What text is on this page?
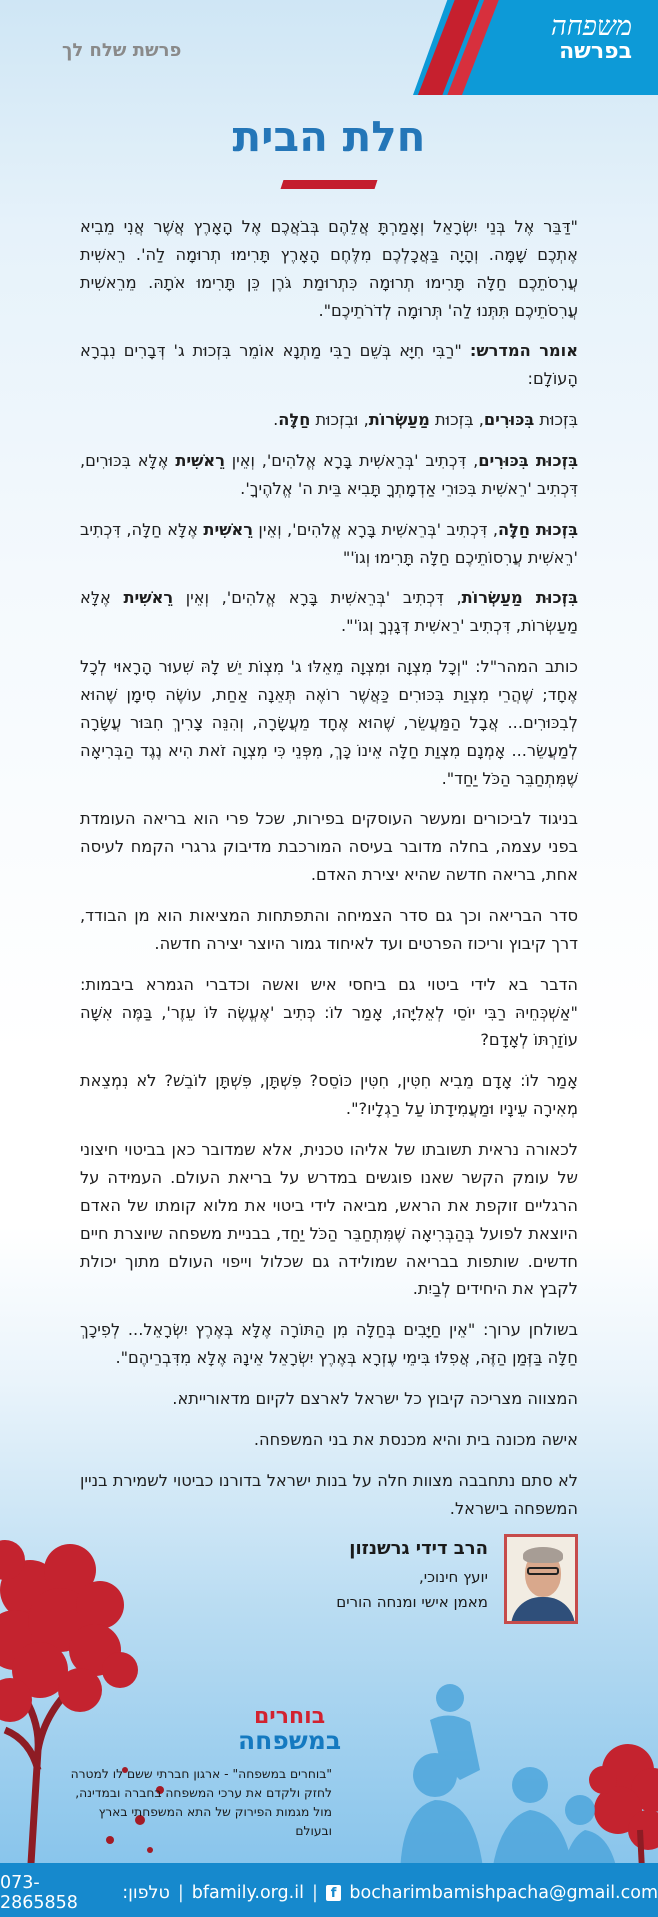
משפחה
בפרשה
פרשת שלח לך
חלת הבית

"דַּבֵּר אֶל בְּנֵי יִשְׂרָאֵל וְאָמַרְתָּ אֲלֵהֶם בְּבֹאֲכֶם אֶל הָאָרֶץ אֲשֶׁר אֲנִי מֵבִיא אֶתְכֶם שָׁמָּה. וְהָיָה בַּאֲכָלְכֶם מִלֶּחֶם הָאָרֶץ תָּרִימוּ תְרוּמָה לַה'. רֵאשִׁית עֲרִסֹתֵכֶם חַלָּה תָּרִימוּ תְרוּמָה כִּתְרוּמַת גֹּרֶן כֵּן תָּרִימוּ אֹתָהּ. מֵרֵאשִׁית עֲרִסֹתֵיכֶם תִּתְּנוּ לַה' תְּרוּמָה לְדֹרֹתֵיכֶם".

אומר המדרש: "רַבִּי חִיָּא בְּשֵׁם רַבִּי מַתְנָא אוֹמֵר בִּזְכוּת ג' דְּבָרִים נִבְרָא הָעוֹלָם:

בִּזְכוּת בִּכּוּרִים, בִּזְכוּת מַעַשְׂרוֹת, וּבִזְכוּת חַלָּה.

בִּזְכוּת בִּכּוּרִים, דִּכְתִיב 'בְּרֵאשִׁית בָּרָא אֱלֹהִים', וְאֵין רֵאשִׁית אֶלָּא בִּכּוּרִים, דִּכְתִיב 'רֵאשִׁית בִּכּוּרֵי אַדְמָתְךָ תָּבִיא בֵּית ה' אֱלֹהֶיךָ'.

בִּזְכוּת חַלָּה, דִּכְתִיב 'בְּרֵאשִׁית בָּרָא אֱלֹהִים', וְאֵין רֵאשִׁית אֶלָּא חַלָּה, דִּכְתִיב 'רֵאשִׁית עֲרִסוֹתֵיכֶם חַלָּה תָּרִימוּ וְגוֹ'"

בִּזְכוּת מַעַשְׂרוֹת, דִּכְתִיב 'בְּרֵאשִׁית בָּרָא אֱלֹהִים', וְאֵין רֵאשִׁית אֶלָּא מַעַשְׂרוֹת, דִּכְתִיב 'רֵאשִׁית דְּגָנְךָ וְגוֹ'".

כותב המהר"ל: "וְכָל מִצְוָה וּמִצְוָה מֵאֵלּוּ ג' מִצְוֹת יֵשׁ לָהּ שִׁעוּר הָרָאוּי לְכָל אֶחָד; שֶׁהֲרֵי מִצְוַת בִּכּוּרִים כַּאֲשֶׁר רוֹאֶה תְּאֵנָה אַחַת, עוֹשֶׂה סִימָן שֶׁהוּא לְבִכּוּרִים... אֲבָל הַמַּעֲשֵׂר, שֶׁהוּא אֶחָד מֵעֲשָׂרָה, וְהִנֵּה צָרִיךְ חִבּוּר עֲשָׂרָה לְמַעֲשֵׂר... אָמְנָם מִצְוַת חַלָּה אֵינוֹ כָּךְ, מִפְּנֵי כִּי מִצְוָה זֹאת הִיא נֶגֶד הַבְּרִיאָה שֶׁמִּתְחַבֵּר הַכֹּל יַחַד".

בניגוד לביכורים ומעשר העוסקים בפירות, שכל פרי הוא בריאה העומדת בפני עצמה, בחלה מדובר בעיסה המורכבת מדיבוק גרגרי הקמח לעיסה אחת, בריאה חדשה שהיא יצירת האדם.

סדר הבריאה וכך גם סדר הצמיחה והתפתחות המציאות הוא מן הבודד, דרך קיבוץ וריכוז הפרטים ועד לאיחוד גמור היוצר יצירה חדשה.

הדבר בא לידי ביטוי גם ביחסי איש ואשה וכדברי הגמרא ביבמות: "אַשְׁכְּחֵיהּ רַבִּי יוֹסֵי לְאֵלִיָּהוּ, אָמַר לוֹ: כְּתִיב 'אֶעֱשֶׂה לּוֹ עֵזֶר', בַּמֶּה אִשָּׁה עוֹזַרְתּוֹ לְאָדָם?

אָמַר לוֹ: אָדָם מֵבִיא חִטִּין, חִטִּין כּוֹסֵס? פִּשְׁתָּן, פִּשְׁתָּן לוֹבֵשׁ? לֹא נִמְצֵאת מְאִירָה עֵינָיו וּמַעֲמִידָתוֹ עַל רַגְלָיו?".

לכאורה נראית תשובתו של אליהו טכנית, אלא שמדובר כאן בביטוי חיצוני של עומק הקשר שאנו פוגשים במדרש על בריאת העולם. העמידה על הרגליים זוקפת את הראש, מביאה לידי ביטוי את מלוא קומתו של האדם היוצאת לפועל בְּהַבְּרִיאָה שֶׁמִּתְחַבֵּר הַכֹּל יַחַד, בבניית משפחה שיוצרת חיים חדשים. שותפות בבריאה שמולידה גם שכלול וייפוי העולם מתוך יכולת לקבץ את היחידים לְבַיִת.

בשולחן ערוך: "אֵין חַיָּבִים בְּחַלָּה מִן הַתּוֹרָה אֶלָּא בְּאֶרֶץ יִשְׂרָאֵל... לְפִיכָךְ חַלָּה בַּזְּמַן הַזֶּה, אֲפִלּוּ בִּימֵי עֶזְרָא בְּאֶרֶץ יִשְׂרָאֵל אֵינָהּ אֶלָּא מִדִּבְרֵיהֶם".

המצווה מצריכה קיבוץ כל ישראל לארצם לקיום מדאורייתא.

אישה מכונה בית והיא מכנסת את בני המשפחה.

לא סתם נתחבבה מצוות חלה על בנות ישראל בדורנו כביטוי לשמירת בניין המשפחה בישראל.

הרב דידי גרשנזון
יועץ חינוכי,
מאמן אישי ומנחה הורים
בוחרים
במשפחה
"בוחרים במשפחה" - ארגון חברתי ששם לו למטרה לחזק ולקדם את ערכי המשפחה בחברה ובמדינה, מול מגמות הפירוק של התא המשפחתי בארץ ובעולם
bocharimbamishpacha@gmail.com
f
|
bfamily.org.il
|
טלפון:
073-2865858
